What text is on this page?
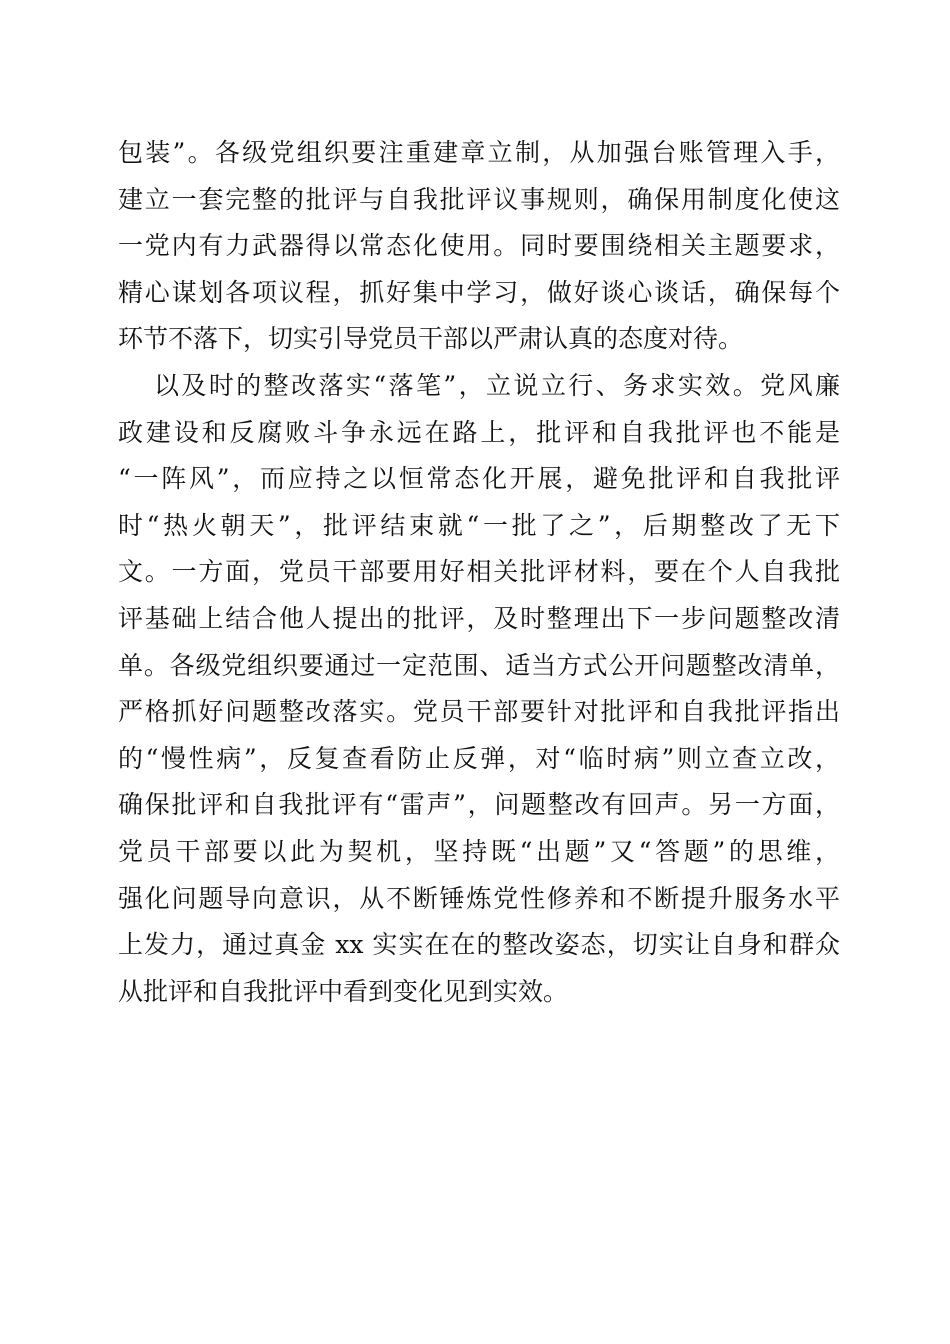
包装”。各级党组织要注重建章立制，从加强台账管理入手，
建立一套完整的批评与自我批评议事规则，确保用制度化使这
一党内有力武器得以常态化使用。同时要围绕相关主题要求，
精心谋划各项议程，抓好集中学习，做好谈心谈话，确保每个
环节不落下，切实引导党员干部以严肃认真的态度对待。
以及时的整改落实“落笔”，立说立行、务求实效。党风廉
政建设和反腐败斗争永远在路上，批评和自我批评也不能是
“一阵风”，而应持之以恒常态化开展，避免批评和自我批评
时“热火朝天”，批评结束就“一批了之”，后期整改了无下
文。一方面，党员干部要用好相关批评材料，要在个人自我批
评基础上结合他人提出的批评，及时整理出下一步问题整改清
单。各级党组织要通过一定范围、适当方式公开问题整改清单，
严格抓好问题整改落实。党员干部要针对批评和自我批评指出
的“慢性病”，反复查看防止反弹，对“临时病”则立查立改，
确保批评和自我批评有“雷声”，问题整改有回声。另一方面，
党员干部要以此为契机，坚持既“出题”又“答题”的思维，
强化问题导向意识，从不断锤炼党性修养和不断提升服务水平
上发力，通过真金 xx 实实在在的整改姿态，切实让自身和群众
从批评和自我批评中看到变化见到实效。
